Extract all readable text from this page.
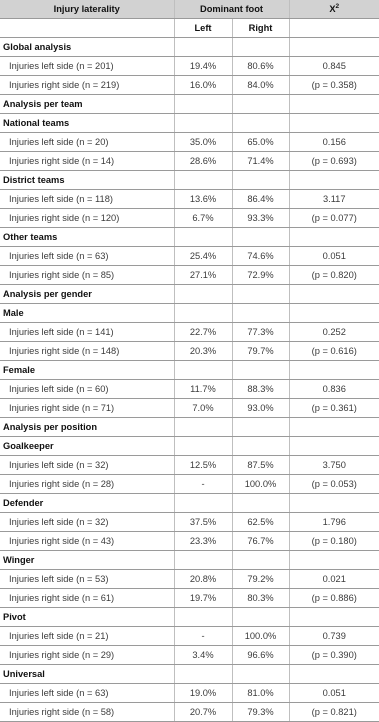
Injury laterality	Dominant foot		$X^2$
	Left	Right	
Global analysis			
Injuries left side (n = 201)	19.4%	80.6%	0.845
Injuries right side (n = 219)	16.0%	84.0%	(p = 0.358)
Analysis per team			
National teams			
Injuries left side (n = 20)	35.0%	65.0%	0.156
Injuries right side (n = 14)	28.6%	71.4%	(p = 0.693)
District teams			
Injuries left side (n = 118)	13.6%	86.4%	3.117
Injuries right side (n = 120)	6.7%	93.3%	(p = 0.077)
Other teams			
Injuries left side (n = 63)	25.4%	74.6%	0.051
Injuries right side (n = 85)	27.1%	72.9%	(p = 0.820)
Analysis per gender			
Male			
Injuries left side (n = 141)	22.7%	77.3%	0.252
Injuries right side (n = 148)	20.3%	79.7%	(p = 0.616)
Female			
Injuries left side (n = 60)	11.7%	88.3%	0.836
Injuries right side (n = 71)	7.0%	93.0%	(p = 0.361)
Analysis per position			
Goalkeeper			
Injuries left side (n = 32)	12.5%	87.5%	3.750
Injuries right side (n = 28)	-	100.0%	(p = 0.053)
Defender			
Injuries left side (n = 32)	37.5%	62.5%	1.796
Injuries right side (n = 43)	23.3%	76.7%	(p = 0.180)
Winger			
Injuries left side (n = 53)	20.8%	79.2%	0.021
Injuries right side (n = 61)	19.7%	80.3%	(p = 0.886)
Pivot			
Injuries left side (n = 21)	-	100.0%	0.739
Injuries right side (n = 29)	3.4%	96.6%	(p = 0.390)
Universal			
Injuries left side (n = 63)	19.0%	81.0%	0.051
Injuries right side (n = 58)	20.7%	79.3%	(p = 0.821)
